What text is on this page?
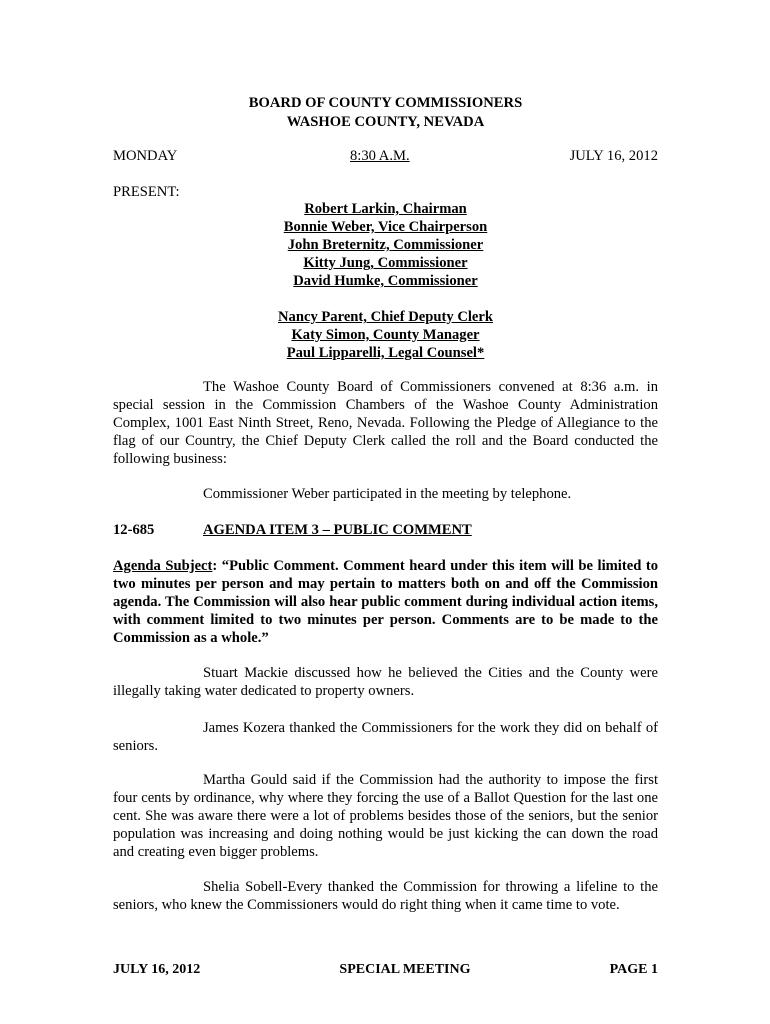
BOARD OF COUNTY COMMISSIONERS
WASHOE COUNTY, NEVADA
MONDAY	8:30 A.M.	JULY 16, 2012
PRESENT:
Robert Larkin, Chairman
Bonnie Weber, Vice Chairperson
John Breternitz, Commissioner
Kitty Jung, Commissioner
David Humke, Commissioner
Nancy Parent, Chief Deputy Clerk
Katy Simon, County Manager
Paul Lipparelli, Legal Counsel*
The Washoe County Board of Commissioners convened at 8:36 a.m. in special session in the Commission Chambers of the Washoe County Administration Complex, 1001 East Ninth Street, Reno, Nevada. Following the Pledge of Allegiance to the flag of our Country, the Chief Deputy Clerk called the roll and the Board conducted the following business:
Commissioner Weber participated in the meeting by telephone.
12-685	AGENDA ITEM 3 – PUBLIC COMMENT
Agenda Subject: “Public Comment. Comment heard under this item will be limited to two minutes per person and may pertain to matters both on and off the Commission agenda. The Commission will also hear public comment during individual action items, with comment limited to two minutes per person. Comments are to be made to the Commission as a whole.”
Stuart Mackie discussed how he believed the Cities and the County were illegally taking water dedicated to property owners.
James Kozera thanked the Commissioners for the work they did on behalf of seniors.
Martha Gould said if the Commission had the authority to impose the first four cents by ordinance, why where they forcing the use of a Ballot Question for the last one cent. She was aware there were a lot of problems besides those of the seniors, but the senior population was increasing and doing nothing would be just kicking the can down the road and creating even bigger problems.
Shelia Sobell-Every thanked the Commission for throwing a lifeline to the seniors, who knew the Commissioners would do right thing when it came time to vote.
JULY 16, 2012	SPECIAL MEETING	PAGE 1
